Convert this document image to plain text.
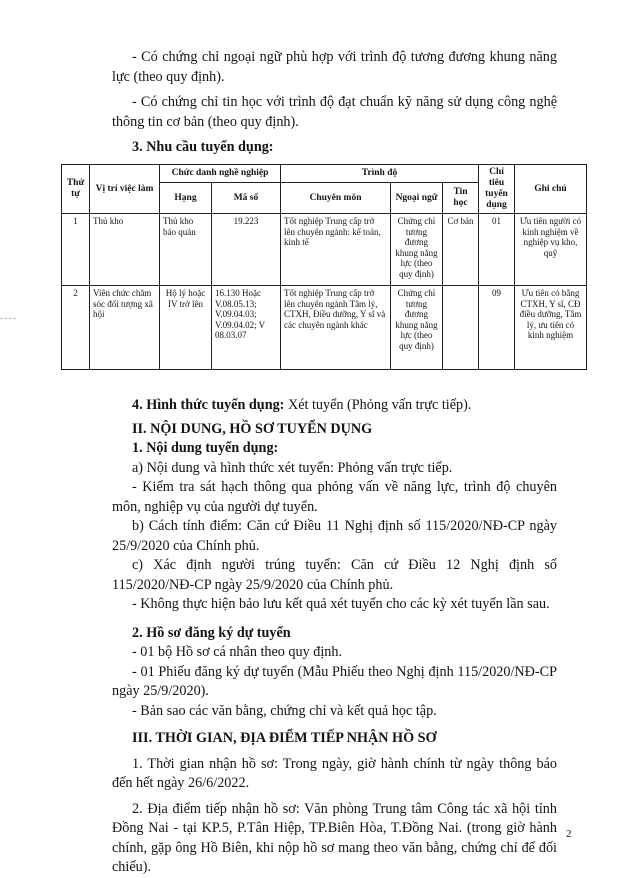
- Có chứng chỉ ngoại ngữ phù hợp với trình độ tương đương khung năng lực (theo quy định).

- Có chứng chỉ tin học với trình độ đạt chuẩn kỹ năng sử dụng công nghệ thông tin cơ bản (theo quy định).

3. Nhu cầu tuyển dụng:
Thứ tự	Vị trí việc làm	Chức danh nghề nghiệp		Trình độ			Chỉ tiêu tuyển dụng	Ghi chú
		Hạng	Mã số	Chuyên môn	Ngoại ngữ	Tin học		
1	Thủ kho	Thủ kho bảo quản	19.223	Tốt nghiệp Trung cấp trở lên chuyên ngành: kế toán, kinh tế	Chứng chỉ tương đương khung năng lực (theo quy định)	Cơ bản	01	Ưu tiên người có kinh nghiệm về nghiệp vụ kho, quỹ
2	Viên chức chăm sóc đối tượng xã hội	Hộ lý hoặc IV trở lên	16.130 Hoặc V.08.05.13; V.09.04.03; V.09.04.02; V 08.03.07	Tốt nghiệp Trung cấp trở lên chuyên ngành Tâm lý, CTXH, Điều dưỡng, Y sĩ và các chuyên ngành khác	Chứng chỉ tương đương khung năng lực (theo quy định)		09	Ưu tiên có bằng CTXH, Y sĩ, CĐ điều dưỡng, Tâm lý, ưu tiên có kinh nghiệm

4. Hình thức tuyển dụng: Xét tuyển (Phỏng vấn trực tiếp).

II. NỘI DUNG, HỒ SƠ TUYỂN DỤNG

1. Nội dung tuyển dụng:

a) Nội dung và hình thức xét tuyển: Phỏng vấn trực tiếp.

- Kiểm tra sát hạch thông qua phỏng vấn về năng lực, trình độ chuyên môn, nghiệp vụ của người dự tuyển.

b) Cách tính điểm: Căn cứ Điều 11 Nghị định số 115/2020/NĐ-CP ngày 25/9/2020 của Chính phủ.

c) Xác định người trúng tuyển: Căn cứ Điều 12 Nghị định số 115/2020/NĐ-CP ngày 25/9/2020 của Chính phủ.

- Không thực hiện bảo lưu kết quả xét tuyển cho các kỳ xét tuyển lần sau.

2. Hồ sơ đăng ký dự tuyển

- 01 bộ Hồ sơ cá nhân theo quy định.

- 01 Phiếu đăng ký dự tuyển (Mẫu Phiếu theo Nghị định 115/2020/NĐ-CP ngày 25/9/2020).

- Bản sao các văn bằng, chứng chỉ và kết quả học tập.

III. THỜI GIAN, ĐỊA ĐIỂM TIẾP NHẬN HỒ SƠ

1. Thời gian nhận hồ sơ: Trong ngày, giờ hành chính từ ngày thông báo đến hết ngày 26/6/2022.

2. Địa điểm tiếp nhận hồ sơ: Văn phòng Trung tâm Công tác xã hội tỉnh Đồng Nai - tại KP.5, P.Tân Hiệp, TP.Biên Hòa, T.Đồng Nai. (trong giờ hành chính, gặp ông Hồ Biên, khi nộp hồ sơ mang theo văn bằng, chứng chỉ để đối chiếu).

2
